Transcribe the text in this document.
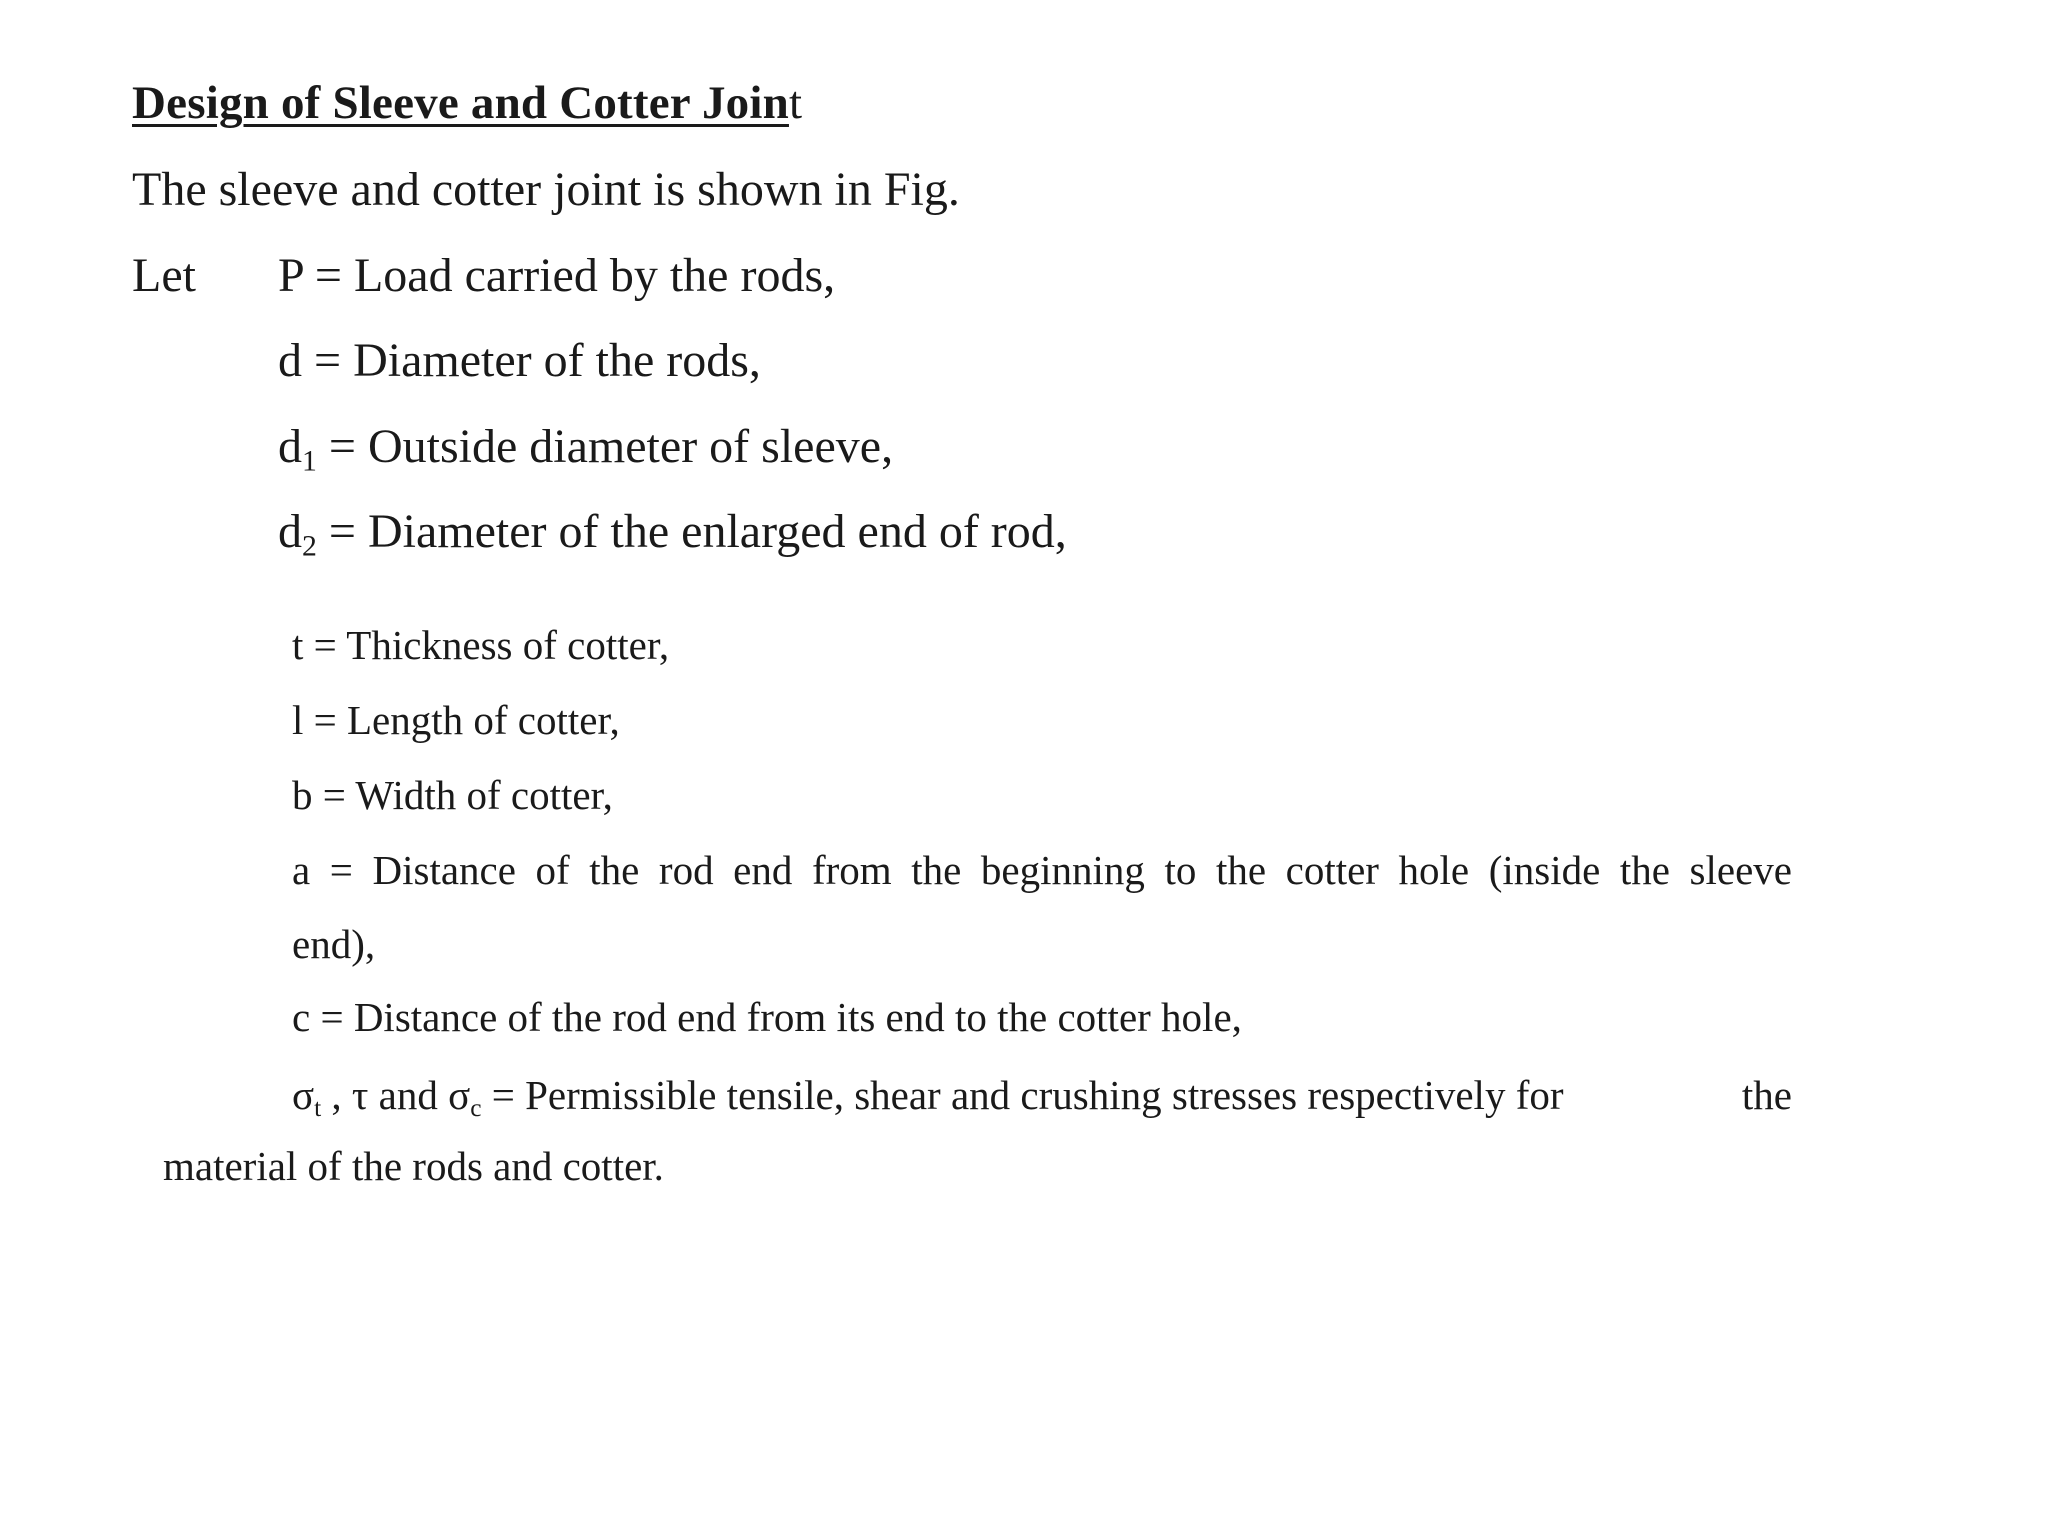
Design of Sleeve and Cotter Joint
The sleeve and cotter joint is shown in Fig.
Let P = Load carried by the rods,
d = Diameter of the rods,
$d_1$ = Outside diameter of sleeve,
$d_2$ = Diameter of the enlarged end of rod,
t = Thickness of cotter,
l = Length of cotter,
b = Width of cotter,
a = Distance of the rod end from the beginning to the cotter hole (inside the sleeve
end),
c = Distance of the rod end from its end to the cotter hole,
$\sigma_t$ , τ and $\sigma_c$ = Permissible tensile, shear and crushing stresses respectively for	the
material of the rods and cotter.
